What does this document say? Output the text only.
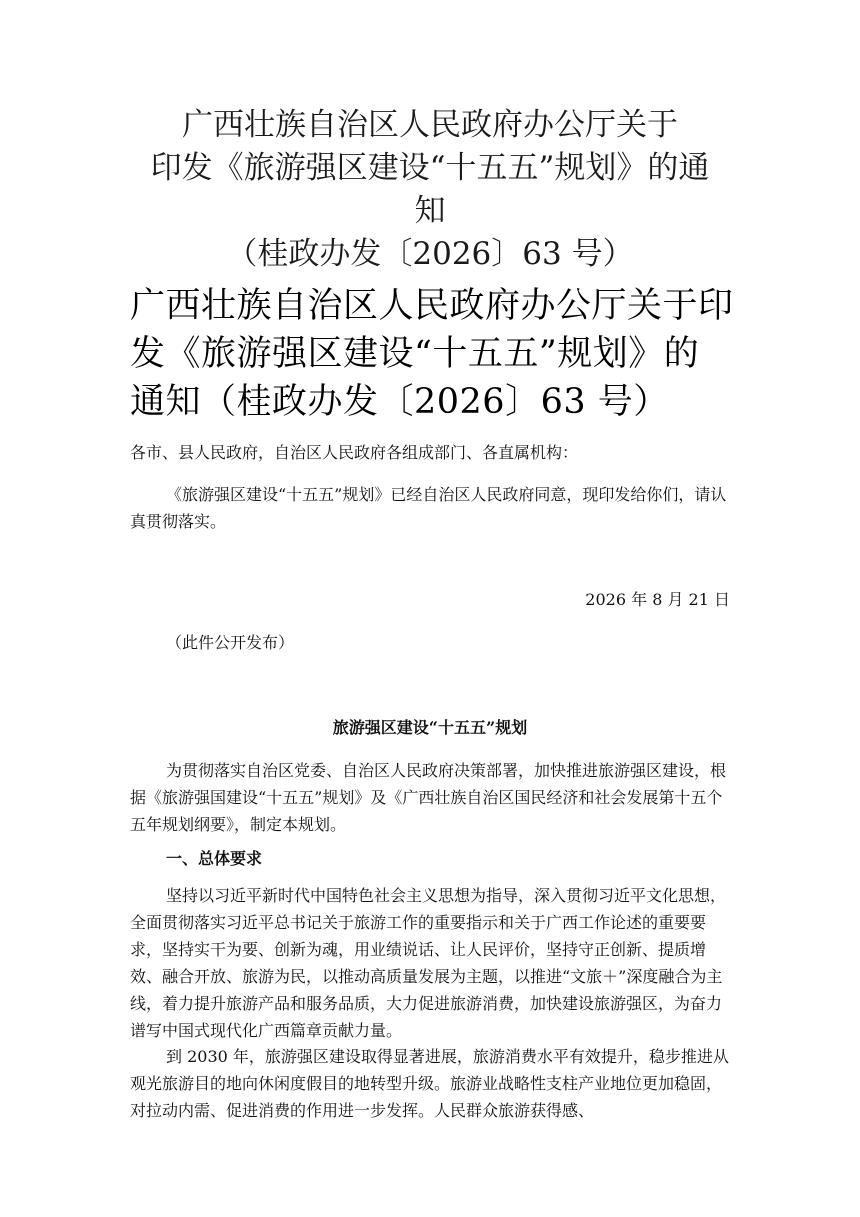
广西壮族自治区人民政府办公厅关于
印发《旅游强区建设“十五五”规划》的通
知
（桂政办发〔2026〕63 号）
广西壮族自治区人民政府办公厅关于印
发《旅游强区建设“十五五”规划》的
通知（桂政办发〔2026〕63 号）
各市、县人民政府，自治区人民政府各组成部门、各直属机构：
《旅游强区建设“十五五”规划》已经自治区人民政府同意，现印发给你们，请认真贯彻落实。
2026 年 8 月 21 日
（此件公开发布）
旅游强区建设“十五五”规划
为贯彻落实自治区党委、自治区人民政府决策部署，加快推进旅游强区建设，根据《旅游强国建设“十五五”规划》及《广西壮族自治区国民经济和社会发展第十五个五年规划纲要》，制定本规划。
一、总体要求
坚持以习近平新时代中国特色社会主义思想为指导，深入贯彻习近平文化思想，全面贯彻落实习近平总书记关于旅游工作的重要指示和关于广西工作论述的重要要求，坚持实干为要、创新为魂，用业绩说话、让人民评价，坚持守正创新、提质增效、融合开放、旅游为民，以推动高质量发展为主题，以推进“文旅＋”深度融合为主线，着力提升旅游产品和服务品质，大力促进旅游消费，加快建设旅游强区，为奋力谱写中国式现代化广西篇章贡献力量。
到 2030 年，旅游强区建设取得显著进展，旅游消费水平有效提升，稳步推进从观光旅游目的地向休闲度假目的地转型升级。旅游业战略性支柱产业地位更加稳固，对拉动内需、促进消费的作用进一步发挥。人民群众旅游获得感、
